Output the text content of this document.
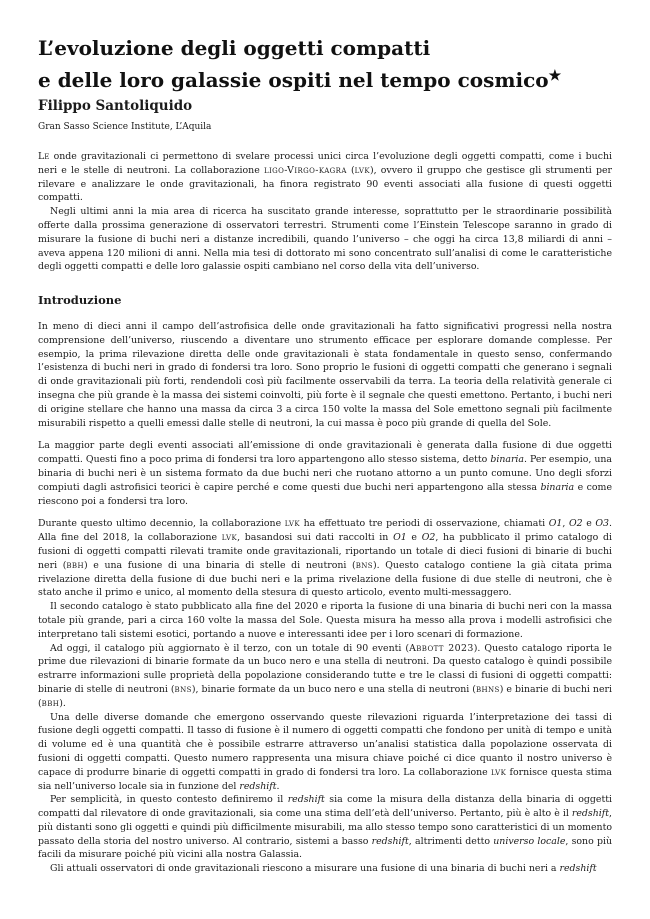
L’evoluzione degli oggetti compatti
e delle loro galassie ospiti nel tempo cosmico★
Filippo Santoliquido
Gran Sasso Science Institute, L’Aquila

Le onde gravitazionali ci permettono di svelare processi unici circa l’evoluzione degli oggetti compatti, come i buchi neri e le stelle di neutroni. La collaborazione ligo-Virgo-kagra (lvk), ovvero il gruppo che gestisce gli strumenti per rilevare e analizzare le onde gravitazionali, ha finora registrato 90 eventi associati alla fusione di questi oggetti compatti.

Negli ultimi anni la mia area di ricerca ha suscitato grande interesse, soprattutto per le straordinarie possibilità offerte dalla prossima generazione di osservatori terrestri. Strumenti come l’Einstein Telescope saranno in grado di misurare la fusione di buchi neri a distanze incredibili, quando l’universo – che oggi ha circa 13,8 miliardi di anni – aveva appena 120 milioni di anni. Nella mia tesi di dottorato mi sono concentrato sull’analisi di come le caratteristiche degli oggetti compatti e delle loro galassie ospiti cambiano nel corso della vita dell’universo.

Introduzione

In meno di dieci anni il campo dell’astrofisica delle onde gravitazionali ha fatto significativi progressi nella nostra comprensione dell’universo, riuscendo a diventare uno strumento efficace per esplorare domande complesse. Per esempio, la prima rilevazione diretta delle onde gravitazionali è stata fondamentale in questo senso, confermando l’esistenza di buchi neri in grado di fondersi tra loro. Sono proprio le fusioni di oggetti compatti che generano i segnali di onde gravitazionali più forti, rendendoli così più facilmente osservabili da terra. La teoria della relatività generale ci insegna che più grande è la massa dei sistemi coinvolti, più forte è il segnale che questi emettono. Pertanto, i buchi neri di origine stellare che hanno una massa da circa 3 a circa 150 volte la massa del Sole emettono segnali più facilmente misurabili rispetto a quelli emessi dalle stelle di neutroni, la cui massa è poco più grande di quella del Sole.

La maggior parte degli eventi associati all’emissione di onde gravitazionali è generata dalla fusione di due oggetti compatti. Questi fino a poco prima di fondersi tra loro appartengono allo stesso sistema, detto binaria. Per esempio, una binaria di buchi neri è un sistema formato da due buchi neri che ruotano attorno a un punto comune. Uno degli sforzi compiuti dagli astrofisici teorici è capire perché e come questi due buchi neri appartengono alla stessa binaria e come riescono poi a fondersi tra loro.

Durante questo ultimo decennio, la collaborazione lvk ha effettuato tre periodi di osservazione, chiamati O1, O2 e O3. Alla fine del 2018, la collaborazione lvk, basandosi sui dati raccolti in O1 e O2, ha pubblicato il primo catalogo di fusioni di oggetti compatti rilevati tramite onde gravitazionali, riportando un totale di dieci fusioni di binarie di buchi neri (bbh) e una fusione di una binaria di stelle di neutroni (bns). Questo catalogo contiene la già citata prima rivelazione diretta della fusione di due buchi neri e la prima rivelazione della fusione di due stelle di neutroni, che è stato anche il primo e unico, al momento della stesura di questo articolo, evento multi-messaggero.

Il secondo catalogo è stato pubblicato alla fine del 2020 e riporta la fusione di una binaria di buchi neri con la massa totale più grande, pari a circa 160 volte la massa del Sole. Questa misura ha messo alla prova i modelli astrofisici che interpretano tali sistemi esotici, portando a nuove e interessanti idee per i loro scenari di formazione.

Ad oggi, il catalogo più aggiornato è il terzo, con un totale di 90 eventi (Abbott 2023). Questo catalogo riporta le prime due rilevazioni di binarie formate da un buco nero e una stella di neutroni. Da questo catalogo è quindi possibile estrarre informazioni sulle proprietà della popolazione considerando tutte e tre le classi di fusioni di oggetti compatti: binarie di stelle di neutroni (bns), binarie formate da un buco nero e una stella di neutroni (bhns) e binarie di buchi neri (bbh).

Una delle diverse domande che emergono osservando queste rilevazioni riguarda l’interpretazione dei tassi di fusione degli oggetti compatti. Il tasso di fusione è il numero di oggetti compatti che fondono per unità di tempo e unità di volume ed è una quantità che è possibile estrarre attraverso un’analisi statistica dalla popolazione osservata di fusioni di oggetti compatti. Questo numero rappresenta una misura chiave poiché ci dice quanto il nostro universo è capace di produrre binarie di oggetti compatti in grado di fondersi tra loro. La collaborazione lvk fornisce questa stima sia nell’universo locale sia in funzione del redshift.

Per semplicità, in questo contesto definiremo il redshift sia come la misura della distanza della binaria di oggetti compatti dal rilevatore di onde gravitazionali, sia come una stima dell’età dell’universo. Pertanto, più è alto è il redshift, più distanti sono gli oggetti e quindi più difficilmente misurabili, ma allo stesso tempo sono caratteristici di un momento passato della storia del nostro universo. Al contrario, sistemi a basso redshift, altrimenti detto universo locale, sono più facili da misurare poiché più vicini alla nostra Galassia.

Gli attuali osservatori di onde gravitazionali riescono a misurare una fusione di una binaria di buchi neri a redshift
